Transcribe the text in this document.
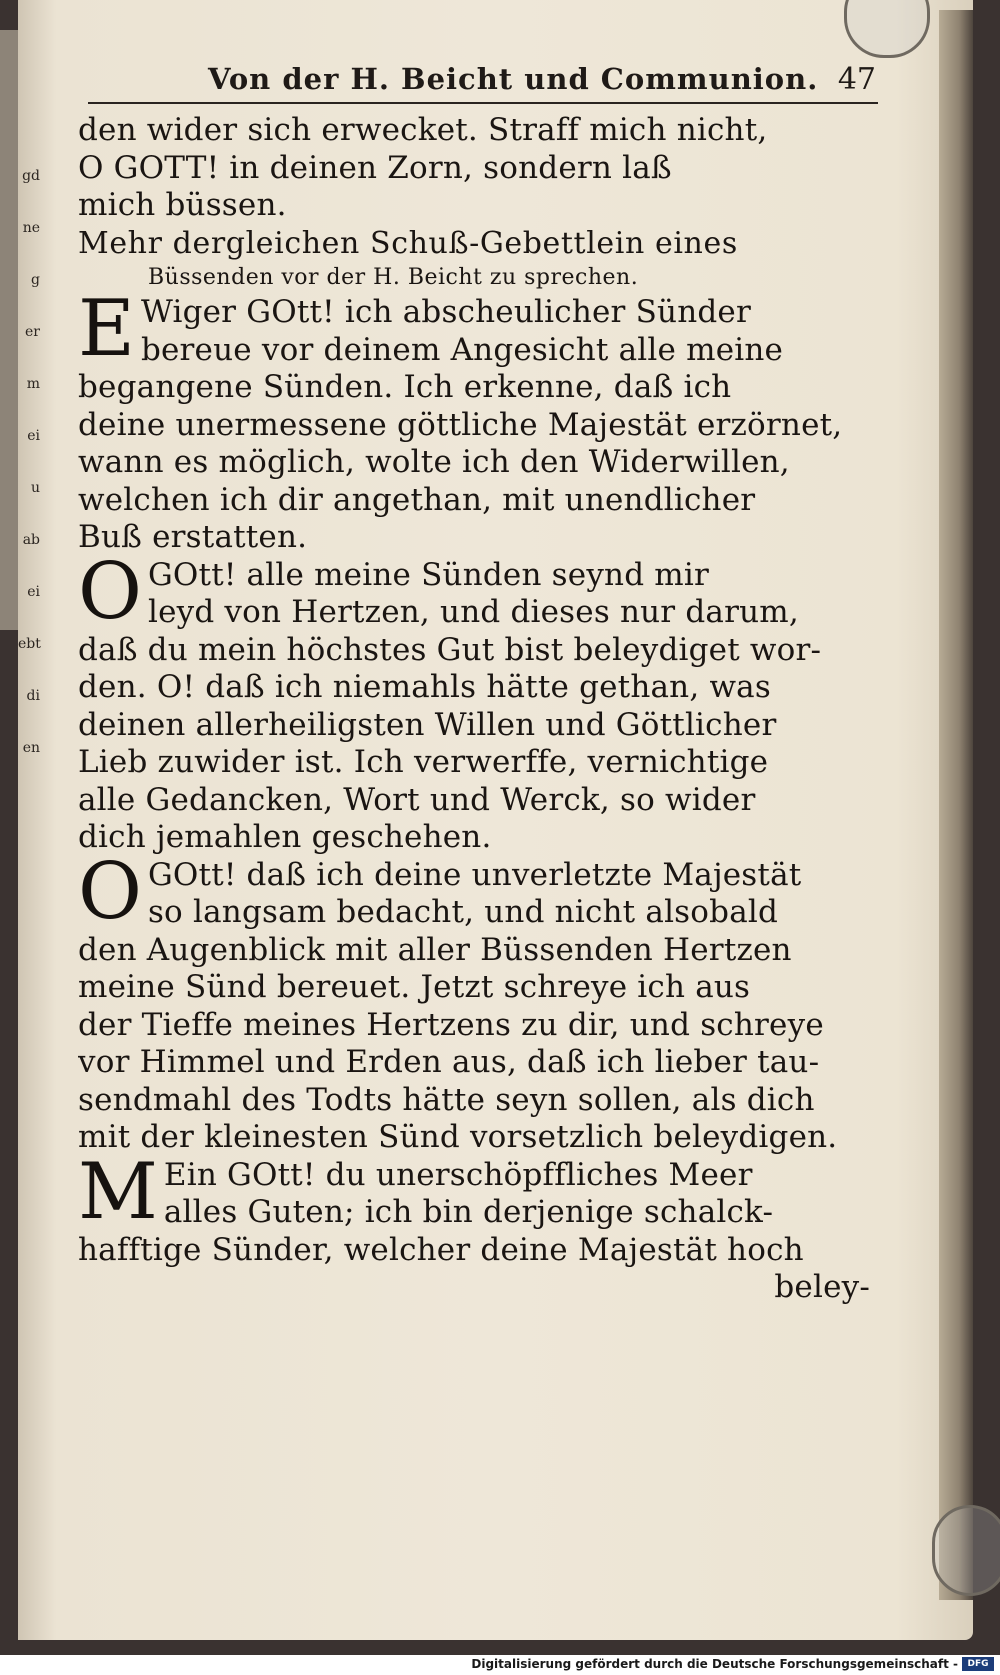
gd
ne
g
er
m
ei
u
ab
ei
ebt
di
en
Von der H. Beicht und Communion. 47
den wider sich erwecket. Straff mich nicht,
O GOTT! in deinen Zorn, sondern laß
mich büssen.
Mehr dergleichen Schuß-Gebettlein eines
Büssenden vor der H. Beicht zu sprechen.
E Wiger GOtt! ich abscheulicher Sünder
bereue vor deinem Angesicht alle meine
begangene Sünden. Ich erkenne, daß ich
deine unermessene göttliche Majestät erzörnet,
wann es möglich, wolte ich den Widerwillen,
welchen ich dir angethan, mit unendlicher
Buß erstatten.
O GOtt! alle meine Sünden seynd mir
leyd von Hertzen, und dieses nur darum,
daß du mein höchstes Gut bist beleydiget wor-
den. O! daß ich niemahls hätte gethan, was
deinen allerheiligsten Willen und Göttlicher
Lieb zuwider ist. Ich verwerffe, vernichtige
alle Gedancken, Wort und Werck, so wider
dich jemahlen geschehen.
O GOtt! daß ich deine unverletzte Majestät
so langsam bedacht, und nicht alsobald
den Augenblick mit aller Büssenden Hertzen
meine Sünd bereuet. Jetzt schreye ich aus
der Tieffe meines Hertzens zu dir, und schreye
vor Himmel und Erden aus, daß ich lieber tau-
sendmahl des Todts hätte seyn sollen, als dich
mit der kleinesten Sünd vorsetzlich beleydigen.
M Ein GOtt! du unerschöpffliches Meer
alles Guten; ich bin derjenige schalck-
hafftige Sünder, welcher deine Majestät hoch
beley-
Digitalisierung gefördert durch die Deutsche Forschungsgemeinschaft -	DFG
